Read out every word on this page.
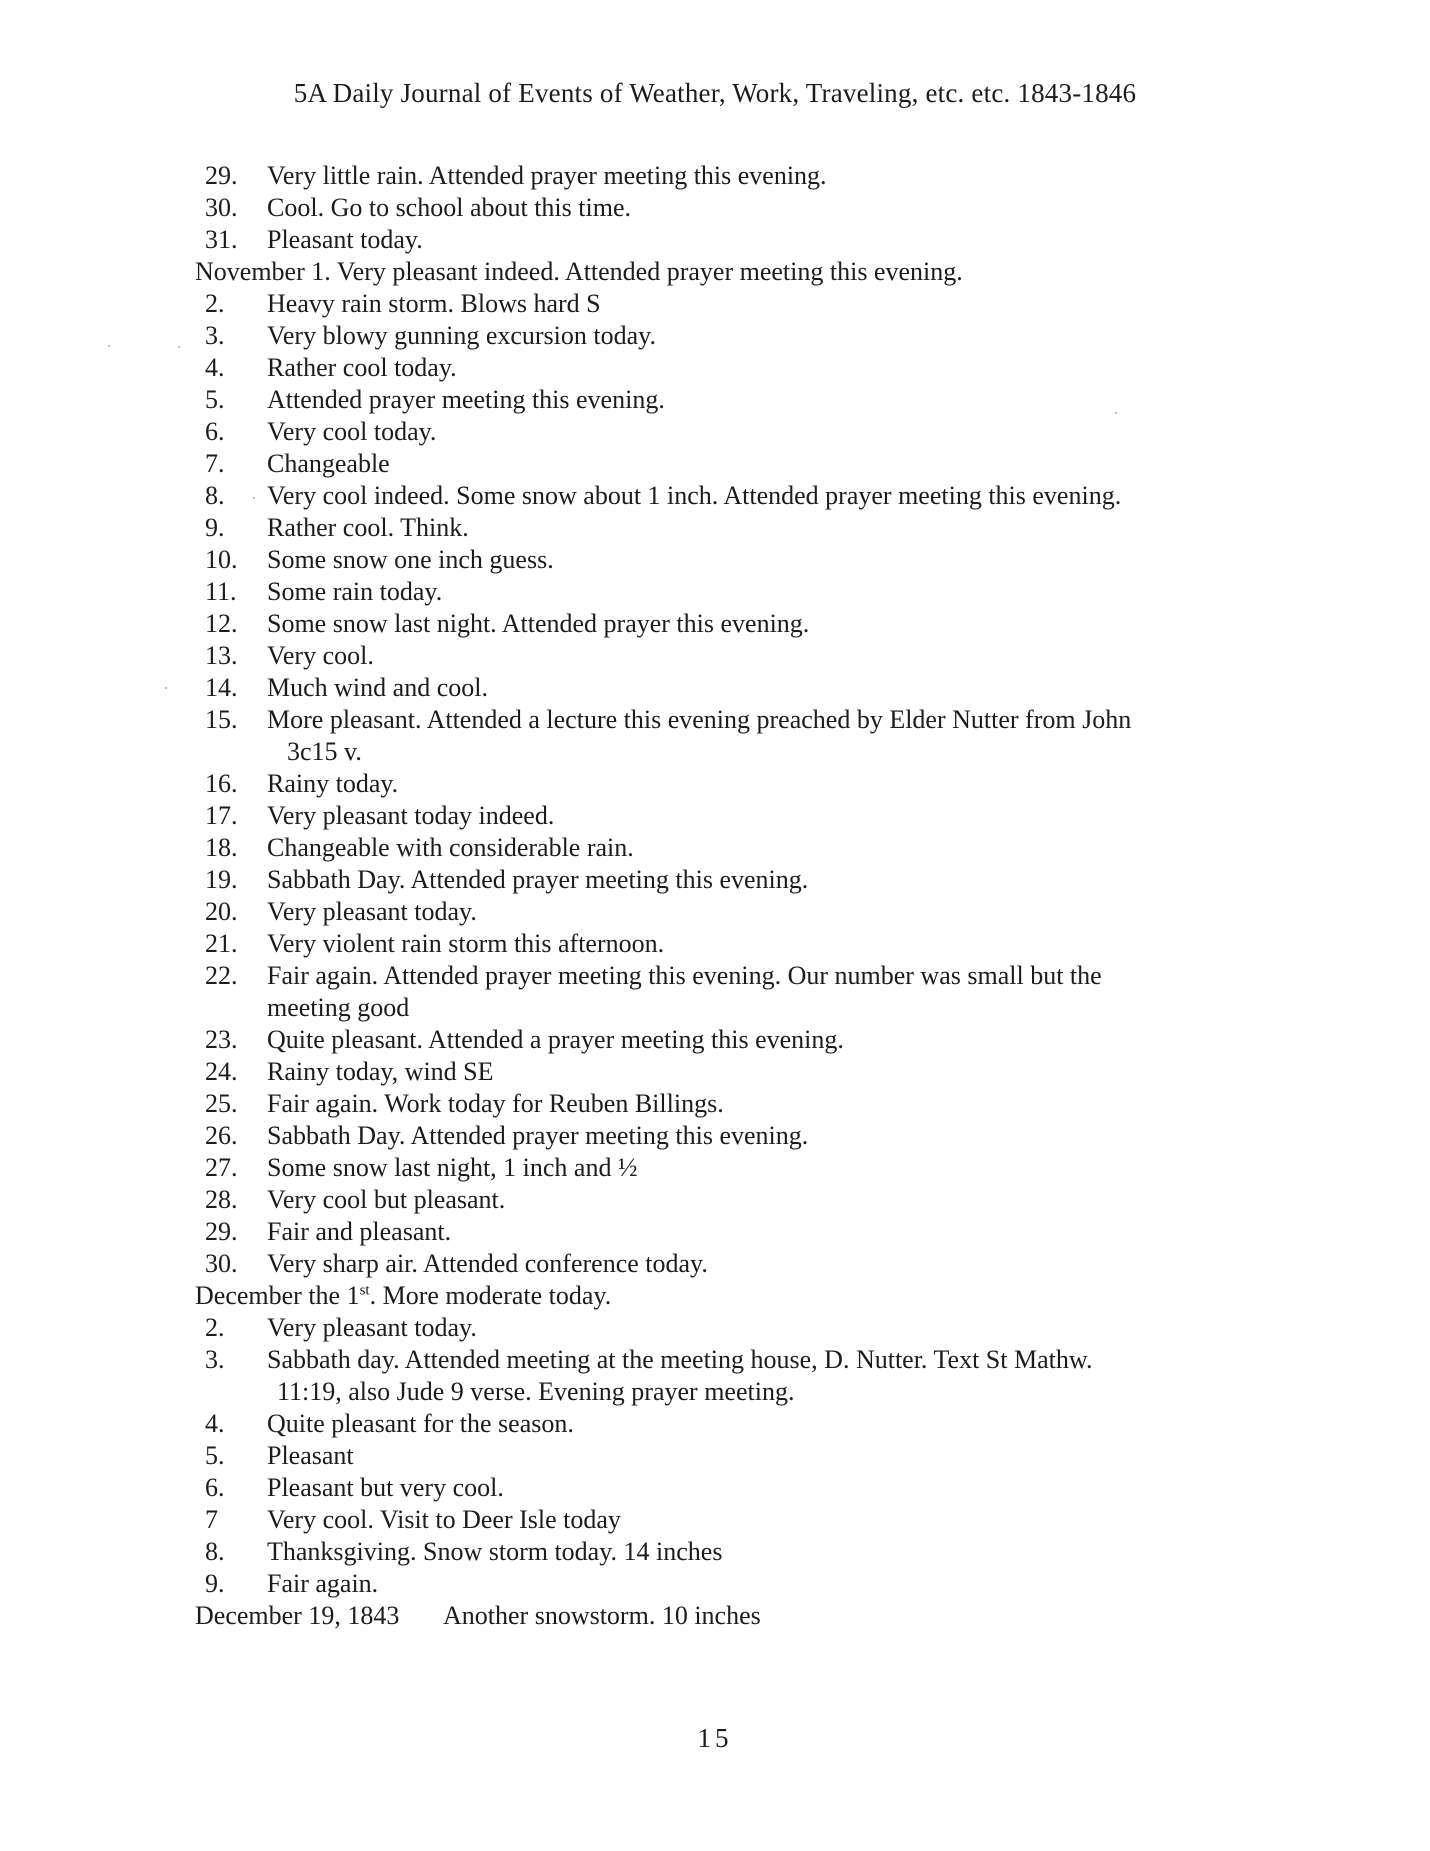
5A Daily Journal of Events of Weather, Work, Traveling, etc. etc. 1843-1846
29. Very little rain. Attended prayer meeting this evening.
30. Cool. Go to school about this time.
31. Pleasant today.
November 1. Very pleasant indeed. Attended prayer meeting this evening.
2. Heavy rain storm. Blows hard S
3. Very blowy gunning excursion today.
4. Rather cool today.
5. Attended prayer meeting this evening.
6. Very cool today.
7. Changeable
8. Very cool indeed. Some snow about 1 inch. Attended prayer meeting this evening.
9. Rather cool. Think.
10. Some snow one inch guess.
11. Some rain today.
12. Some snow last night. Attended prayer this evening.
13. Very cool.
14. Much wind and cool.
15. More pleasant. Attended a lecture this evening preached by Elder Nutter from John
3c15 v.
16. Rainy today.
17. Very pleasant today indeed.
18. Changeable with considerable rain.
19. Sabbath Day. Attended prayer meeting this evening.
20. Very pleasant today.
21. Very violent rain storm this afternoon.
22. Fair again. Attended prayer meeting this evening. Our number was small but the
meeting good
23. Quite pleasant. Attended a prayer meeting this evening.
24. Rainy today, wind SE
25. Fair again. Work today for Reuben Billings.
26. Sabbath Day. Attended prayer meeting this evening.
27. Some snow last night, 1 inch and ½
28. Very cool but pleasant.
29. Fair and pleasant.
30. Very sharp air. Attended conference today.
December the 1st. More moderate today.
2. Very pleasant today.
3. Sabbath day. Attended meeting at the meeting house, D. Nutter. Text St Mathw.
11:19, also Jude 9 verse. Evening prayer meeting.
4. Quite pleasant for the season.
5. Pleasant
6. Pleasant but very cool.
7 Very cool. Visit to Deer Isle today
8. Thanksgiving. Snow storm today. 14 inches
9. Fair again.
December 19, 1843 Another snowstorm. 10 inches
15
